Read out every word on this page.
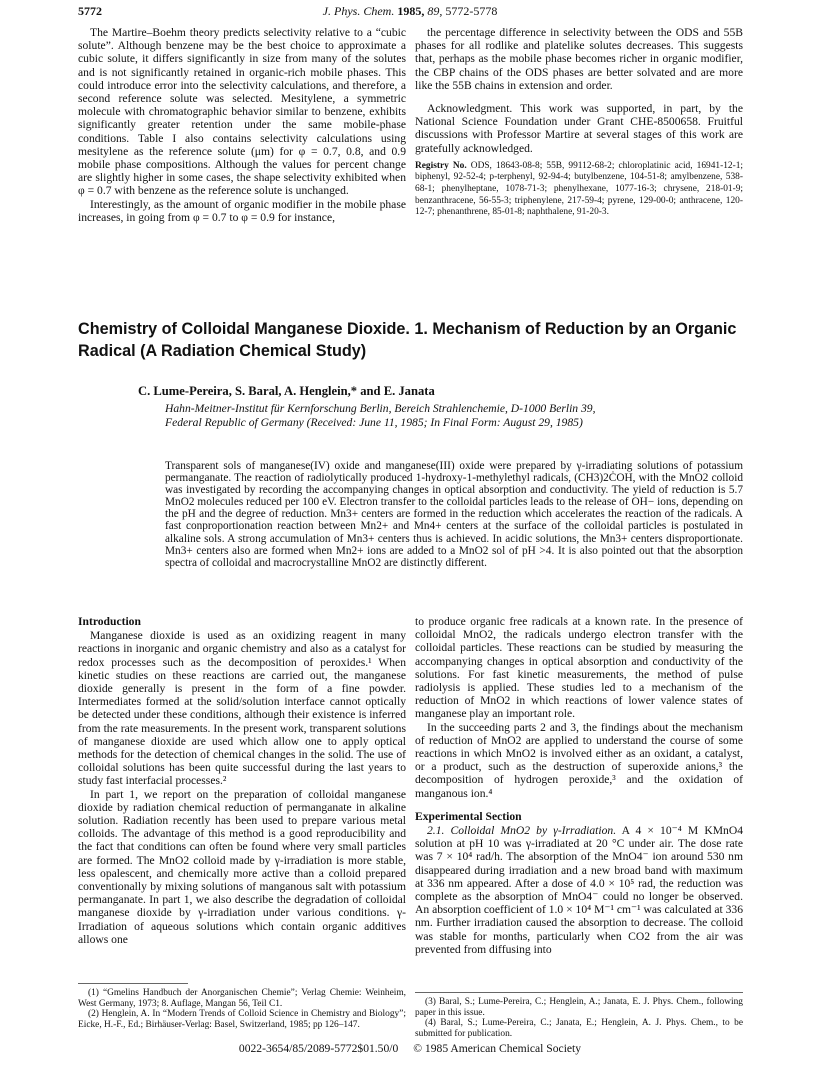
5772	J. Phys. Chem. 1985, 89, 5772-5778

The Martire–Boehm theory predicts selectivity relative to a “cubic solute”. Although benzene may be the best choice to approximate a cubic solute, it differs significantly in size from many of the solutes and is not significantly retained in organic-rich mobile phases. This could introduce error into the selectivity calculations, and therefore, a second reference solute was selected. Mesitylene, a symmetric molecule with chromatographic behavior similar to benzene, exhibits significantly greater retention under the same mobile-phase conditions. Table I also contains selectivity calculations using mesitylene as the reference solute (μm) for φ = 0.7, 0.8, and 0.9 mobile phase compositions. Although the values for percent change are slightly higher in some cases, the shape selectivity exhibited when φ = 0.7 with benzene as the reference solute is unchanged.

Interestingly, as the amount of organic modifier in the mobile phase increases, in going from φ = 0.7 to φ = 0.9 for instance,

the percentage difference in selectivity between the ODS and 55B phases for all rodlike and platelike solutes decreases. This suggests that, perhaps as the mobile phase becomes richer in organic modifier, the CBP chains of the ODS phases are better solvated and are more like the 55B chains in extension and order.

Acknowledgment. This work was supported, in part, by the National Science Foundation under Grant CHE-8500658. Fruitful discussions with Professor Martire at several stages of this work are gratefully acknowledged.

Registry No. ODS, 18643-08-8; 55B, 99112-68-2; chloroplatinic acid, 16941-12-1; biphenyl, 92-52-4; p-terphenyl, 92-94-4; butylbenzene, 104-51-8; amylbenzene, 538-68-1; phenylheptane, 1078-71-3; phenylhexane, 1077-16-3; chrysene, 218-01-9; benzanthracene, 56-55-3; triphenylene, 217-59-4; pyrene, 129-00-0; anthracene, 120-12-7; phenanthrene, 85-01-8; naphthalene, 91-20-3.
Chemistry of Colloidal Manganese Dioxide. 1. Mechanism of Reduction by an Organic
Radical (A Radiation Chemical Study)
C. Lume-Pereira, S. Baral, A. Henglein,* and E. Janata
Hahn-Meitner-Institut für Kernforschung Berlin, Bereich Strahlenchemie, D-1000 Berlin 39,
Federal Republic of Germany (Received: June 11, 1985; In Final Form: August 29, 1985)
Transparent sols of manganese(IV) oxide and manganese(III) oxide were prepared by γ-irradiating solutions of potassium permanganate. The reaction of radiolytically produced 1-hydroxy-1-methylethyl radicals, (CH3)2ĊOH, with the MnO2 colloid was investigated by recording the accompanying changes in optical absorption and conductivity. The yield of reduction is 5.7 MnO2 molecules reduced per 100 eV. Electron transfer to the colloidal particles leads to the release of OH− ions, depending on the pH and the degree of reduction. Mn3+ centers are formed in the reduction which accelerates the reaction of the radicals. A fast conproportionation reaction between Mn2+ and Mn4+ centers at the surface of the colloidal particles is postulated in alkaline sols. A strong accumulation of Mn3+ centers thus is achieved. In acidic solutions, the Mn3+ centers disproportionate. Mn3+ centers also are formed when Mn2+ ions are added to a MnO2 sol of pH >4. It is also pointed out that the absorption spectra of colloidal and macrocrystalline MnO2 are distinctly different.
Introduction

Manganese dioxide is used as an oxidizing reagent in many reactions in inorganic and organic chemistry and also as a catalyst for redox processes such as the decomposition of peroxides.¹ When kinetic studies on these reactions are carried out, the manganese dioxide generally is present in the form of a fine powder. Intermediates formed at the solid/solution interface cannot optically be detected under these conditions, although their existence is inferred from the rate measurements. In the present work, transparent solutions of manganese dioxide are used which allow one to apply optical methods for the detection of chemical changes in the solid. The use of colloidal solutions has been quite successful during the last years to study fast interfacial processes.²

In part 1, we report on the preparation of colloidal manganese dioxide by radiation chemical reduction of permanganate in alkaline solution. Radiation recently has been used to prepare various metal colloids. The advantage of this method is a good reproducibility and the fact that conditions can often be found where very small particles are formed. The MnO2 colloid made by γ-irradiation is more stable, less opalescent, and chemically more active than a colloid prepared conventionally by mixing solutions of manganous salt with potassium permanganate. In part 1, we also describe the degradation of colloidal manganese dioxide by γ-irradiation under various conditions. γ-Irradiation of aqueous solutions which contain organic additives allows one

to produce organic free radicals at a known rate. In the presence of colloidal MnO2, the radicals undergo electron transfer with the colloidal particles. These reactions can be studied by measuring the accompanying changes in optical absorption and conductivity of the solutions. For fast kinetic measurements, the method of pulse radiolysis is applied. These studies led to a mechanism of the reduction of MnO2 in which reactions of lower valence states of manganese play an important role.

In the succeeding parts 2 and 3, the findings about the mechanism of reduction of MnO2 are applied to understand the course of some reactions in which MnO2 is involved either as an oxidant, a catalyst, or a product, such as the destruction of superoxide anions,³ the decomposition of hydrogen peroxide,³ and the oxidation of manganous ion.⁴

Experimental Section

2.1. Colloidal MnO2 by γ-Irradiation. A 4 × 10⁻⁴ M KMnO4 solution at pH 10 was γ-irradiated at 20 °C under air. The dose rate was 7 × 10⁴ rad/h. The absorption of the MnO4⁻ ion around 530 nm disappeared during irradiation and a new broad band with maximum at 336 nm appeared. After a dose of 4.0 × 10⁵ rad, the reduction was complete as the absorption of MnO4⁻ could no longer be observed. An absorption coefficient of 1.0 × 10⁴ M⁻¹ cm⁻¹ was calculated at 336 nm. Further irradiation caused the absorption to decrease. The colloid was stable for months, particularly when CO2 from the air was prevented from diffusing into

(1) “Gmelins Handbuch der Anorganischen Chemie”; Verlag Chemie: Weinheim, West Germany, 1973; 8. Auflage, Mangan 56, Teil C1.

(2) Henglein, A. In “Modern Trends of Colloid Science in Chemistry and Biology”; Eicke, H.-F., Ed.; Birhäuser-Verlag: Basel, Switzerland, 1985; pp 126–147.

(3) Baral, S.; Lume-Pereira, C.; Henglein, A.; Janata, E. J. Phys. Chem., following paper in this issue.

(4) Baral, S.; Lume-Pereira, C.; Janata, E.; Henglein, A. J. Phys. Chem., to be submitted for publication.

0022-3654/85/2089-5772$01.50/0 © 1985 American Chemical Society
